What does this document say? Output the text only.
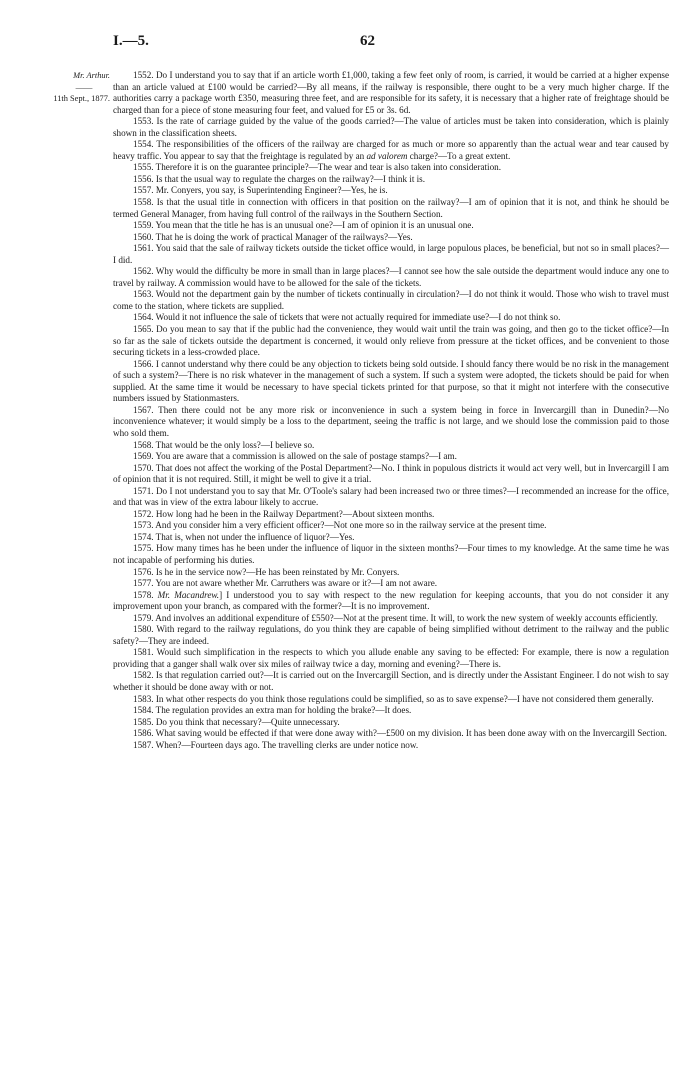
I.—5.	62
Mr. Arthur.
——
11th Sept., 1877.

1552. Do I understand you to say that if an article worth £1,000, taking a few feet only of room, is carried, it would be carried at a higher expense than an article valued at £100 would be carried?—By all means, if the railway is responsible, there ought to be a very much higher charge. If the authorities carry a package worth £350, measuring three feet, and are responsible for its safety, it is necessary that a higher rate of freightage should be charged than for a piece of stone measuring four feet, and valued for £5 or 3s. 6d.

1553. Is the rate of carriage guided by the value of the goods carried?—The value of articles must be taken into consideration, which is plainly shown in the classification sheets.

1554. The responsibilities of the officers of the railway are charged for as much or more so apparently than the actual wear and tear caused by heavy traffic. You appear to say that the freightage is regulated by an ad valorem charge?—To a great extent.

1555. Therefore it is on the guarantee principle?—The wear and tear is also taken into consideration.

1556. Is that the usual way to regulate the charges on the railway?—I think it is.

1557. Mr. Conyers, you say, is Superintending Engineer?—Yes, he is.

1558. Is that the usual title in connection with officers in that position on the railway?—I am of opinion that it is not, and think he should be termed General Manager, from having full control of the railways in the Southern Section.

1559. You mean that the title he has is an unusual one?—I am of opinion it is an unusual one.

1560. That he is doing the work of practical Manager of the railways?—Yes.

1561. You said that the sale of railway tickets outside the ticket office would, in large populous places, be beneficial, but not so in small places?—I did.

1562. Why would the difficulty be more in small than in large places?—I cannot see how the sale outside the department would induce any one to travel by railway. A commission would have to be allowed for the sale of the tickets.

1563. Would not the department gain by the number of tickets continually in circulation?—I do not think it would. Those who wish to travel must come to the station, where tickets are supplied.

1564. Would it not influence the sale of tickets that were not actually required for immediate use?—I do not think so.

1565. Do you mean to say that if the public had the convenience, they would wait until the train was going, and then go to the ticket office?—In so far as the sale of tickets outside the department is concerned, it would only relieve from pressure at the ticket offices, and be convenient to those securing tickets in a less-crowded place.

1566. I cannot understand why there could be any objection to tickets being sold outside. I should fancy there would be no risk in the management of such a system?—There is no risk whatever in the management of such a system. If such a system were adopted, the tickets should be paid for when supplied. At the same time it would be necessary to have special tickets printed for that purpose, so that it might not interfere with the consecutive numbers issued by Stationmasters.

1567. Then there could not be any more risk or inconvenience in such a system being in force in Invercargill than in Dunedin?—No inconvenience whatever; it would simply be a loss to the department, seeing the traffic is not large, and we should lose the commission paid to those who sold them.

1568. That would be the only loss?—I believe so.

1569. You are aware that a commission is allowed on the sale of postage stamps?—I am.

1570. That does not affect the working of the Postal Department?—No. I think in populous districts it would act very well, but in Invercargill I am of opinion that it is not required. Still, it might be well to give it a trial.

1571. Do I not understand you to say that Mr. O'Toole's salary had been increased two or three times?—I recommended an increase for the office, and that was in view of the extra labour likely to accrue.

1572. How long had he been in the Railway Department?—About sixteen months.

1573. And you consider him a very efficient officer?—Not one more so in the railway service at the present time.

1574. That is, when not under the influence of liquor?—Yes.

1575. How many times has he been under the influence of liquor in the sixteen months?—Four times to my knowledge. At the same time he was not incapable of performing his duties.

1576. Is he in the service now?—He has been reinstated by Mr. Conyers.

1577. You are not aware whether Mr. Carruthers was aware or it?—I am not aware.

1578. Mr. Macandrew.] I understood you to say with respect to the new regulation for keeping accounts, that you do not consider it any improvement upon your branch, as compared with the former?—It is no improvement.

1579. And involves an additional expenditure of £550?—Not at the present time. It will, to work the new system of weekly accounts efficiently.

1580. With regard to the railway regulations, do you think they are capable of being simplified without detriment to the railway and the public safety?—They are indeed.

1581. Would such simplification in the respects to which you allude enable any saving to be effected: For example, there is now a regulation providing that a ganger shall walk over six miles of railway twice a day, morning and evening?—There is.

1582. Is that regulation carried out?—It is carried out on the Invercargill Section, and is directly under the Assistant Engineer. I do not wish to say whether it should be done away with or not.

1583. In what other respects do you think those regulations could be simplified, so as to save expense?—I have not considered them generally.

1584. The regulation provides an extra man for holding the brake?—It does.

1585. Do you think that necessary?—Quite unnecessary.

1586. What saving would be effected if that were done away with?—£500 on my division. It has been done away with on the Invercargill Section.

1587. When?—Fourteen days ago. The travelling clerks are under notice now.
